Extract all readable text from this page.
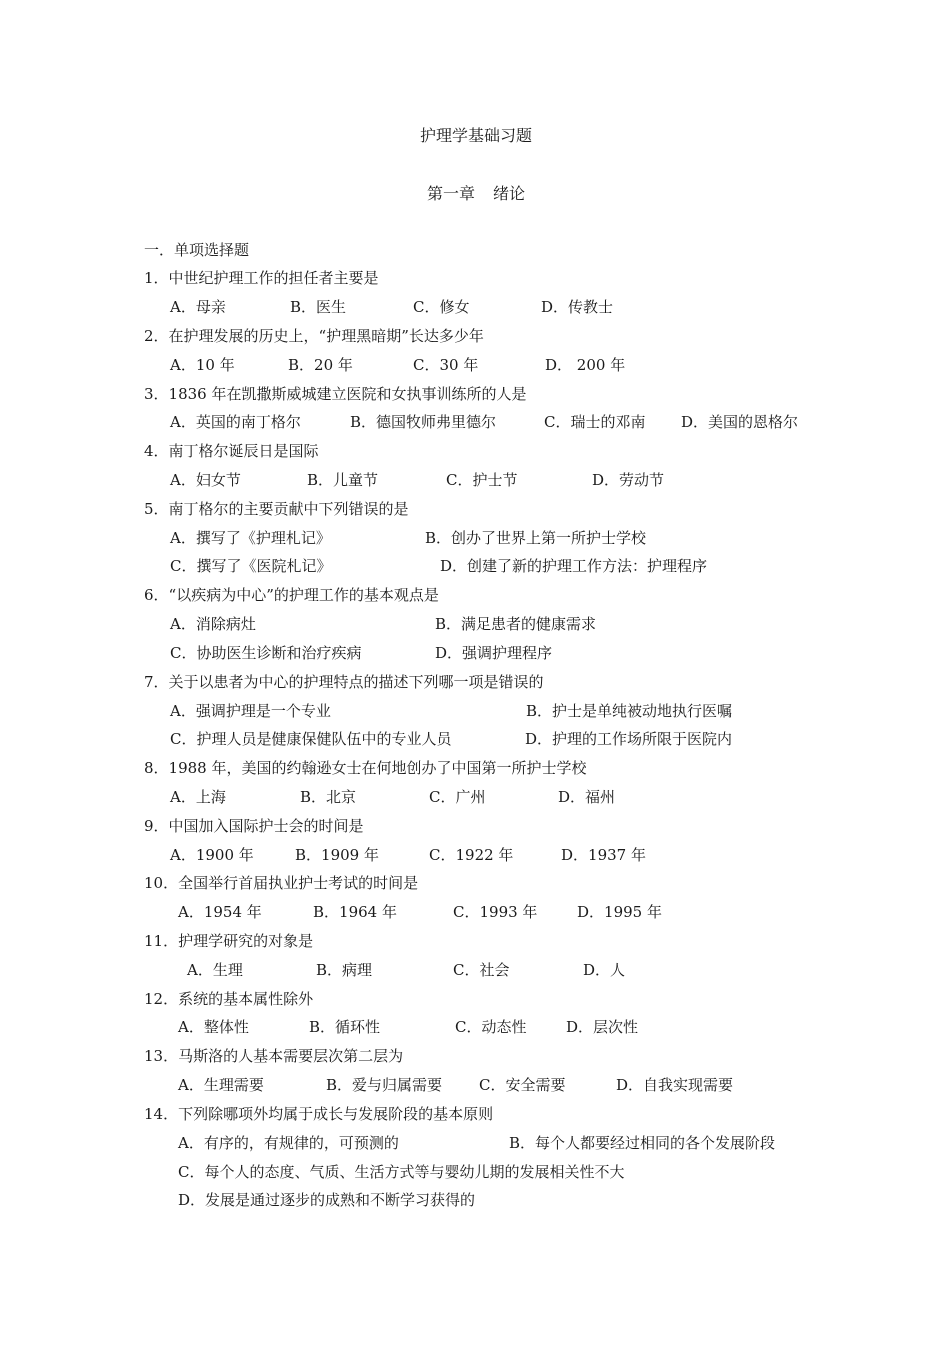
护理学基础习题
第一章 绪论
一．单项选择题
1．中世纪护理工作的担任者主要是
A．母亲	B．医生	C．修女	D．传教士
2．在护理发展的历史上，“护理黑暗期”长达多少年
A．10 年	B．20 年	C．30 年	D． 200 年
3．1836 年在凯撒斯威城建立医院和女执事训练所的人是
A．英国的南丁格尔	B．德国牧师弗里德尔	C．瑞士的邓南 D．美国的恩格尔
4．南丁格尔诞辰日是国际
A．妇女节	B．儿童节	C．护士节	D．劳动节
5．南丁格尔的主要贡献中下列错误的是
A．撰写了《护理札记》	B．创办了世界上第一所护士学校
C．撰写了《医院札记》	D．创建了新的护理工作方法：护理程序
6．“以疾病为中心”的护理工作的基本观点是
A．消除病灶	B．满足患者的健康需求
C．协助医生诊断和治疗疾病	D．强调护理程序
7．关于以患者为中心的护理特点的描述下列哪一项是错误的
A．强调护理是一个专业	B．护士是单纯被动地执行医嘱
C．护理人员是健康保健队伍中的专业人员	D．护理的工作场所限于医院内
8．1988 年，美国的约翰逊女士在何地创办了中国第一所护士学校
A．上海	B．北京	C．广州	D．福州
9．中国加入国际护士会的时间是
A．1900 年	B．1909 年	C．1922 年	D．1937 年
10．全国举行首届执业护士考试的时间是
A．1954 年	B．1964 年	C．1993 年	D．1995 年
11．护理学研究的对象是
A．生理	B．病理	C．社会	D．人
12．系统的基本属性除外
A．整体性	B．循环性	C．动态性	D．层次性
13．马斯洛的人基本需要层次第二层为
A．生理需要	B．爱与归属需要 C．安全需要	D．自我实现需要
14．下列除哪项外均属于成长与发展阶段的基本原则
A．有序的，有规律的，可预测的	B．每个人都要经过相同的各个发展阶段
C．每个人的态度、气质、生活方式等与婴幼儿期的发展相关性不大
D．发展是通过逐步的成熟和不断学习获得的
